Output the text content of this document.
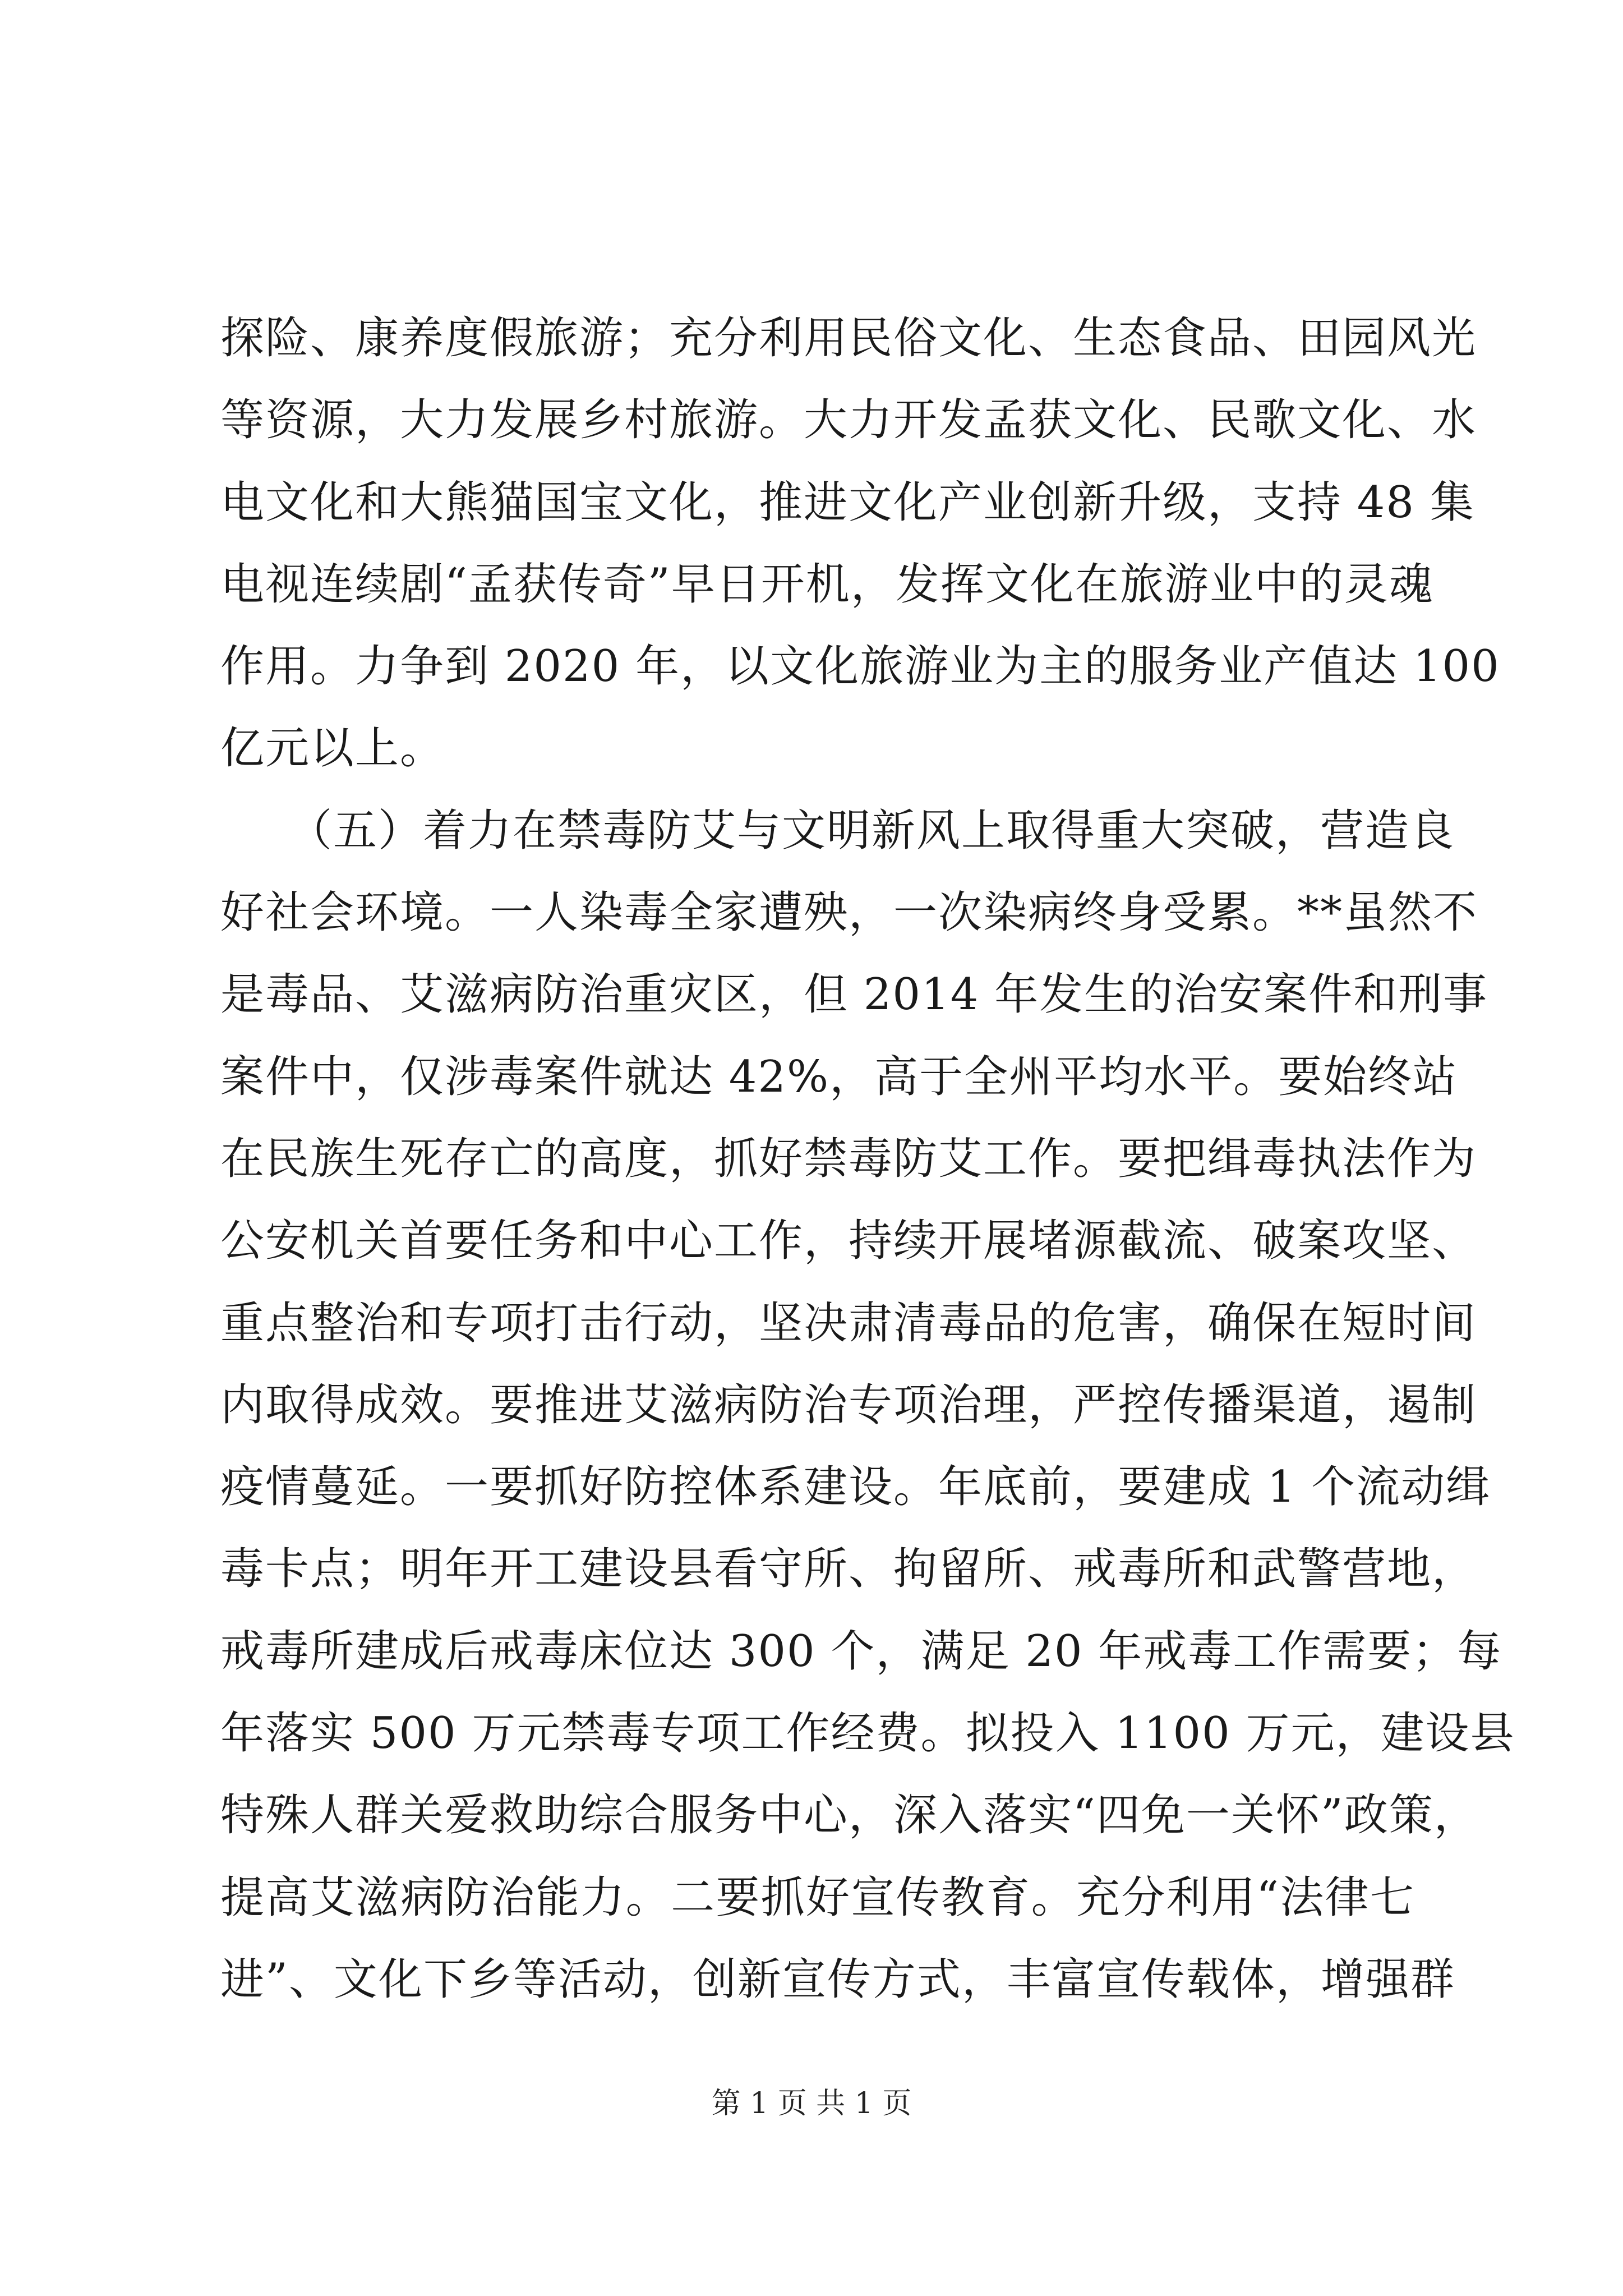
探险、康养度假旅游；充分利用民俗文化、生态食品、田园风光
等资源，大力发展乡村旅游。大力开发孟获文化、民歌文化、水
电文化和大熊猫国宝文化，推进文化产业创新升级，支持 48 集
电视连续剧“孟获传奇”早日开机，发挥文化在旅游业中的灵魂
作用。力争到 2020 年，以文化旅游业为主的服务业产值达 100
亿元以上。
　　（五）着力在禁毒防艾与文明新风上取得重大突破，营造良
好社会环境。一人染毒全家遭殃，一次染病终身受累。**虽然不
是毒品、艾滋病防治重灾区，但 2014 年发生的治安案件和刑事
案件中，仅涉毒案件就达 42%，高于全州平均水平。要始终站
在民族生死存亡的高度，抓好禁毒防艾工作。要把缉毒执法作为
公安机关首要任务和中心工作，持续开展堵源截流、破案攻坚、
重点整治和专项打击行动，坚决肃清毒品的危害，确保在短时间
内取得成效。要推进艾滋病防治专项治理，严控传播渠道，遏制
疫情蔓延。一要抓好防控体系建设。年底前，要建成 1 个流动缉
毒卡点；明年开工建设县看守所、拘留所、戒毒所和武警营地，
戒毒所建成后戒毒床位达 300 个，满足 20 年戒毒工作需要；每
年落实 500 万元禁毒专项工作经费。拟投入 1100 万元，建设县
特殊人群关爱救助综合服务中心，深入落实“四免一关怀”政策，
提高艾滋病防治能力。二要抓好宣传教育。充分利用“法律七
进”、文化下乡等活动，创新宣传方式，丰富宣传载体，增强群
第 1 页 共 1 页
